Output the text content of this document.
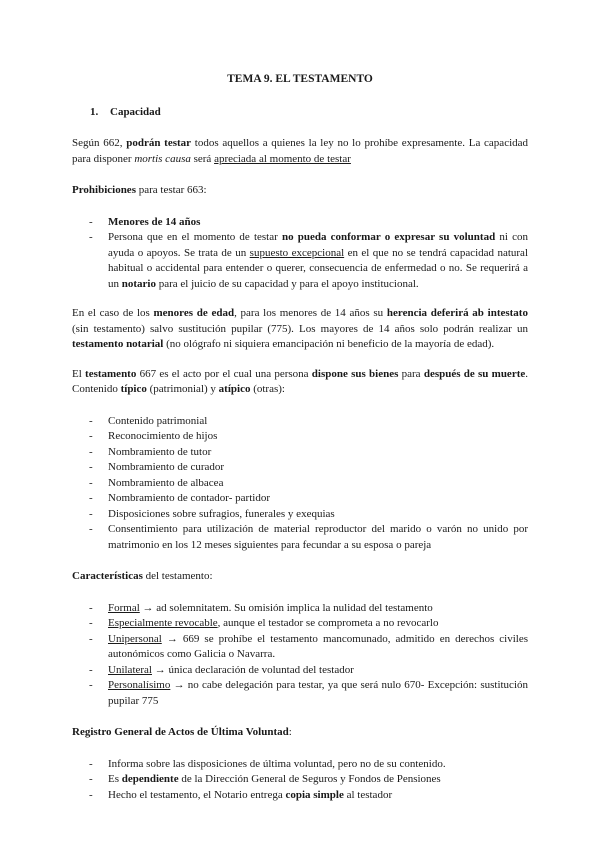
TEMA 9. EL TESTAMENTO

1. Capacidad

Según 662, podrán testar todos aquellos a quienes la ley no lo prohíbe expresamente. La capacidad para disponer mortis causa será apreciada al momento de testar

Prohibiciones para testar 663:

- Menores de 14 años
- Persona que en el momento de testar no pueda conformar o expresar su voluntad ni con ayuda o apoyos. Se trata de un supuesto excepcional en el que no se tendrá capacidad natural habitual o accidental para entender o querer, consecuencia de enfermedad o no. Se requerirá a un notario para el juicio de su capacidad y para el apoyo institucional.

En el caso de los menores de edad, para los menores de 14 años su herencia deferirá ab intestato (sin testamento) salvo sustitución pupilar (775). Los mayores de 14 años solo podrán realizar un testamento notarial (no ológrafo ni siquiera emancipación ni beneficio de la mayoría de edad).

El testamento 667 es el acto por el cual una persona dispone sus bienes para después de su muerte. Contenido típico (patrimonial) y atípico (otras):

- Contenido patrimonial
- Reconocimiento de hijos
- Nombramiento de tutor
- Nombramiento de curador
- Nombramiento de albacea
- Nombramiento de contador- partidor
- Disposiciones sobre sufragios, funerales y exequias
- Consentimiento para utilización de material reproductor del marido o varón no unido por matrimonio en los 12 meses siguientes para fecundar a su esposa o pareja

Características del testamento:

- Formal → ad solemnitatem. Su omisión implica la nulidad del testamento
- Especialmente revocable, aunque el testador se comprometa a no revocarlo
- Unipersonal → 669 se prohíbe el testamento mancomunado, admitido en derechos civiles autonómicos como Galicia o Navarra.
- Unilateral → única declaración de voluntad del testador
- Personalísimo → no cabe delegación para testar, ya que será nulo 670- Excepción: sustitución pupilar 775

Registro General de Actos de Última Voluntad:

- Informa sobre las disposiciones de última voluntad, pero no de su contenido.
- Es dependiente de la Dirección General de Seguros y Fondos de Pensiones
- Hecho el testamento, el Notario entrega copia simple al testador
